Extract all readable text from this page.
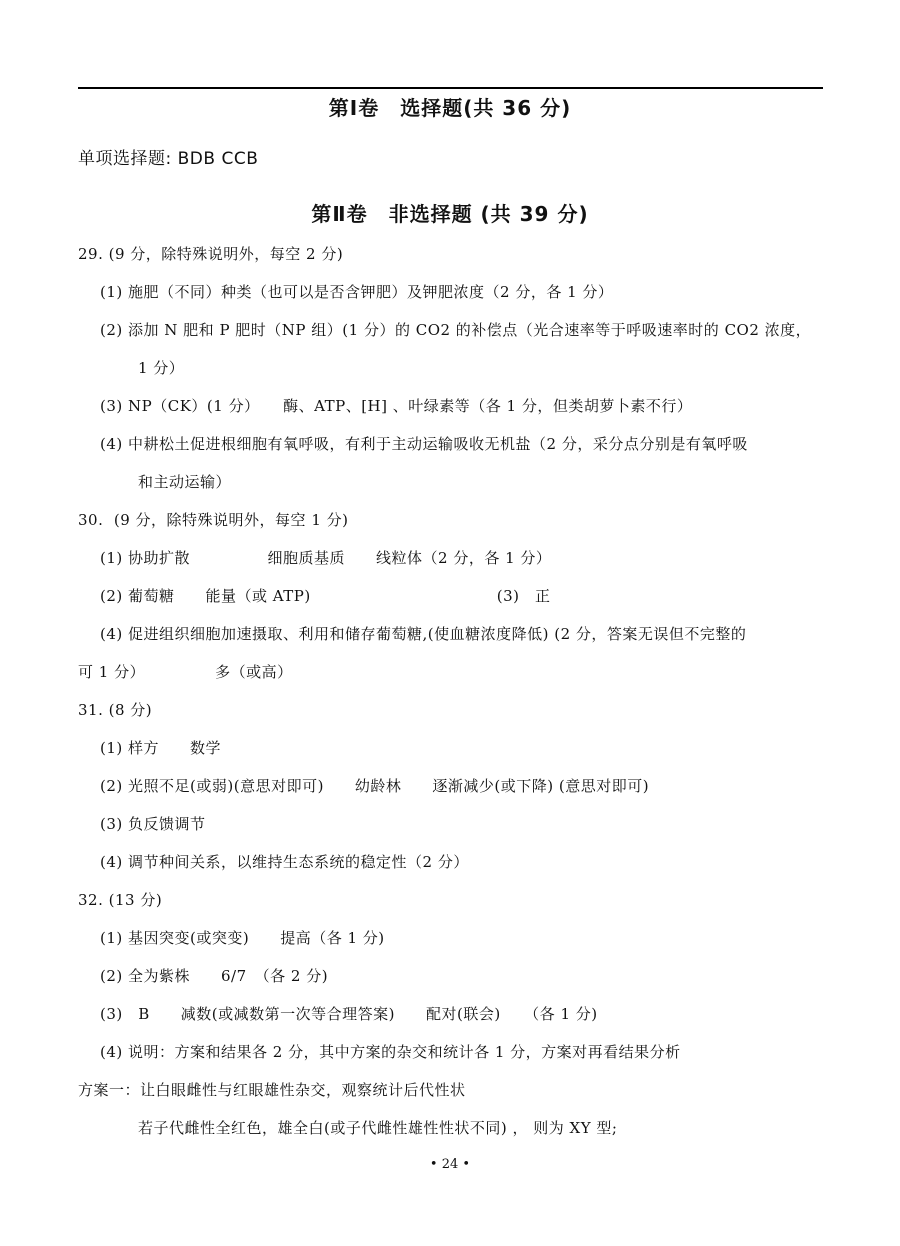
第Ⅰ卷　选择题(共 36 分)
单项选择题: BDB CCB
第Ⅱ卷　非选择题 (共 39 分)
29. (9 分，除特殊说明外，每空 2 分)
(1) 施肥（不同）种类（也可以是否含钾肥）及钾肥浓度（2 分，各 1 分）
(2) 添加 N 肥和 P 肥时（NP 组）(1 分）的 CO2 的补偿点（光合速率等于呼吸速率时的 CO2 浓度，
1 分）
(3) NP（CK）(1 分）　　酶、ATP、[H] 、叶绿素等（各 1 分，但类胡萝卜素不行）
(4) 中耕松土促进根细胞有氧呼吸，有利于主动运输吸收无机盐（2 分，采分点分别是有氧呼吸
和主动运输）
30.  (9 分，除特殊说明外，每空 1 分)
(1) 协助扩散　　　　　细胞质基质　　线粒体（2 分，各 1 分）
(2) 葡萄糖　　能量（或 ATP)　　　　　　　　　　　　(3)　正
(4) 促进组织细胞加速摄取、利用和储存葡萄糖,(使血糖浓度降低) (2 分，答案无误但不完整的
可 1 分）　　　　　多（或高）
31. (8 分)
(1) 样方　　数学
(2) 光照不足(或弱)(意思对即可)　　幼龄林　　逐渐减少(或下降) (意思对即可)
(3) 负反馈调节
(4) 调节种间关系，以维持生态系统的稳定性（2 分）
32. (13 分)
(1) 基因突变(或突变)　　提高（各 1 分)
(2) 全为紫株　　6/7　（各 2 分)
(3)　B　　减数(或减数第一次等合理答案)　　配对(联会)　　（各 1 分)
(4) 说明：方案和结果各 2 分，其中方案的杂交和统计各 1 分，方案对再看结果分析
方案一：让白眼雌性与红眼雄性杂交，观察统计后代性状
若子代雌性全红色，雄全白(或子代雌性雄性性状不同) ， 则为 XY 型;
• 24 •
